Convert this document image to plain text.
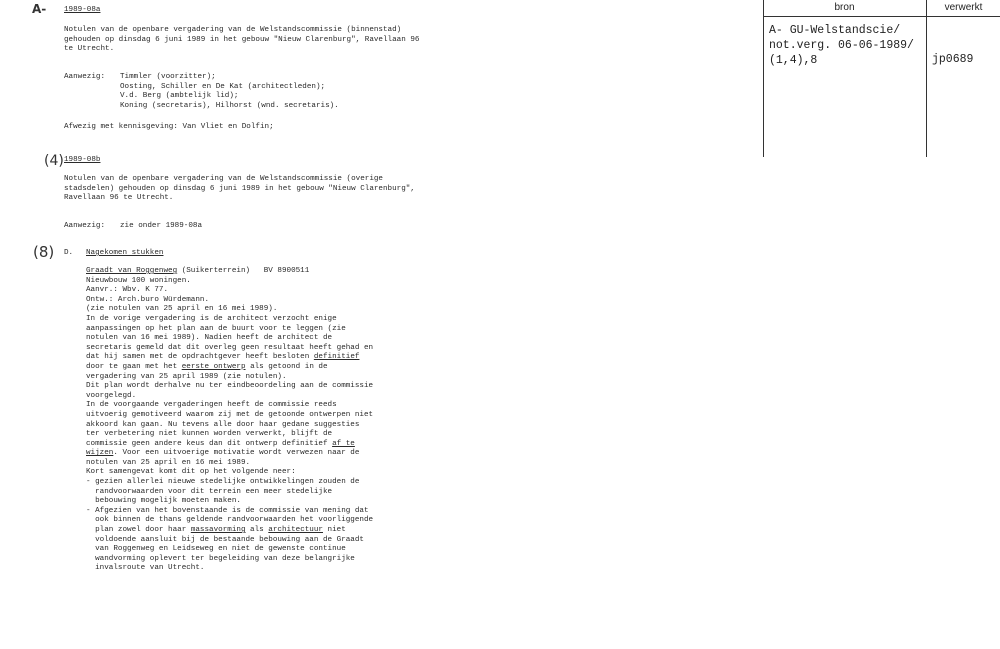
A-
(4)
(8)
1989-08a
Notulen van de openbare vergadering van de Welstandscommissie (binnenstad)
gehouden op dinsdag 6 juni 1989 in het gebouw "Nieuw Clarenburg", Ravellaan 96
te Utrecht.
Aanwezig: Timmler (voorzitter);
Oosting, Schiller en De Kat (architectleden);
V.d. Berg (ambtelijk lid);
Koning (secretaris), Hilhorst (wnd. secretaris).
Afwezig met kennisgeving: Van Vliet en Dolfin;
1989-08b
Notulen van de openbare vergadering van de Welstandscommissie (overige
stadsdelen) gehouden op dinsdag 6 juni 1989 in het gebouw "Nieuw Clarenburg",
Ravellaan 96 te Utrecht.
Aanwezig: zie onder 1989-08a
D. Nagekomen stukken
Graadt van Roggenweg (Suikerterrein)   BV 8900511
Nieuwbouw 100 woningen.
Aanvr.: Wbv. K 77.
Ontw.: Arch.buro Würdemann.
(zie notulen van 25 april en 16 mei 1989).
In de vorige vergadering is de architect verzocht enige
aanpassingen op het plan aan de buurt voor te leggen (zie
notulen van 16 mei 1989). Nadien heeft de architect de
secretaris gemeld dat dit overleg geen resultaat heeft gehad en
dat hij samen met de opdrachtgever heeft besloten definitief
door te gaan met het eerste ontwerp als getoond in de
vergadering van 25 april 1989 (zie notulen).
Dit plan wordt derhalve nu ter eindbeoordeling aan de commissie
voorgelegd.
In de voorgaande vergaderingen heeft de commissie reeds
uitvoerig gemotiveerd waarom zij met de getoonde ontwerpen niet
akkoord kan gaan. Nu tevens alle door haar gedane suggesties
ter verbetering niet kunnen worden verwerkt, blijft de
commissie geen andere keus dan dit ontwerp definitief af te
wijzen. Voor een uitvoerige motivatie wordt verwezen naar de
notulen van 25 april en 16 mei 1989.
Kort samengevat komt dit op het volgende neer:
- gezien allerlei nieuwe stedelijke ontwikkelingen zouden de
randvoorwaarden voor dit terrein een meer stedelijke
bebouwing mogelijk moeten maken.
- Afgezien van het bovenstaande is de commissie van mening dat
ook binnen de thans geldende randvoorwaarden het voorliggende
plan zowel door haar massavorming als architectuur niet
voldoende aansluit bij de bestaande bebouwing aan de Graadt
van Roggenweg en Leidseweg en niet de gewenste continue
wandvorming oplevert ter begeleiding van deze belangrijke
invalsroute van Utrecht.
bron	verwerkt
A- GU-Welstandscie/
not.verg. 06-06-1989/
(1,4),8	jp0689
